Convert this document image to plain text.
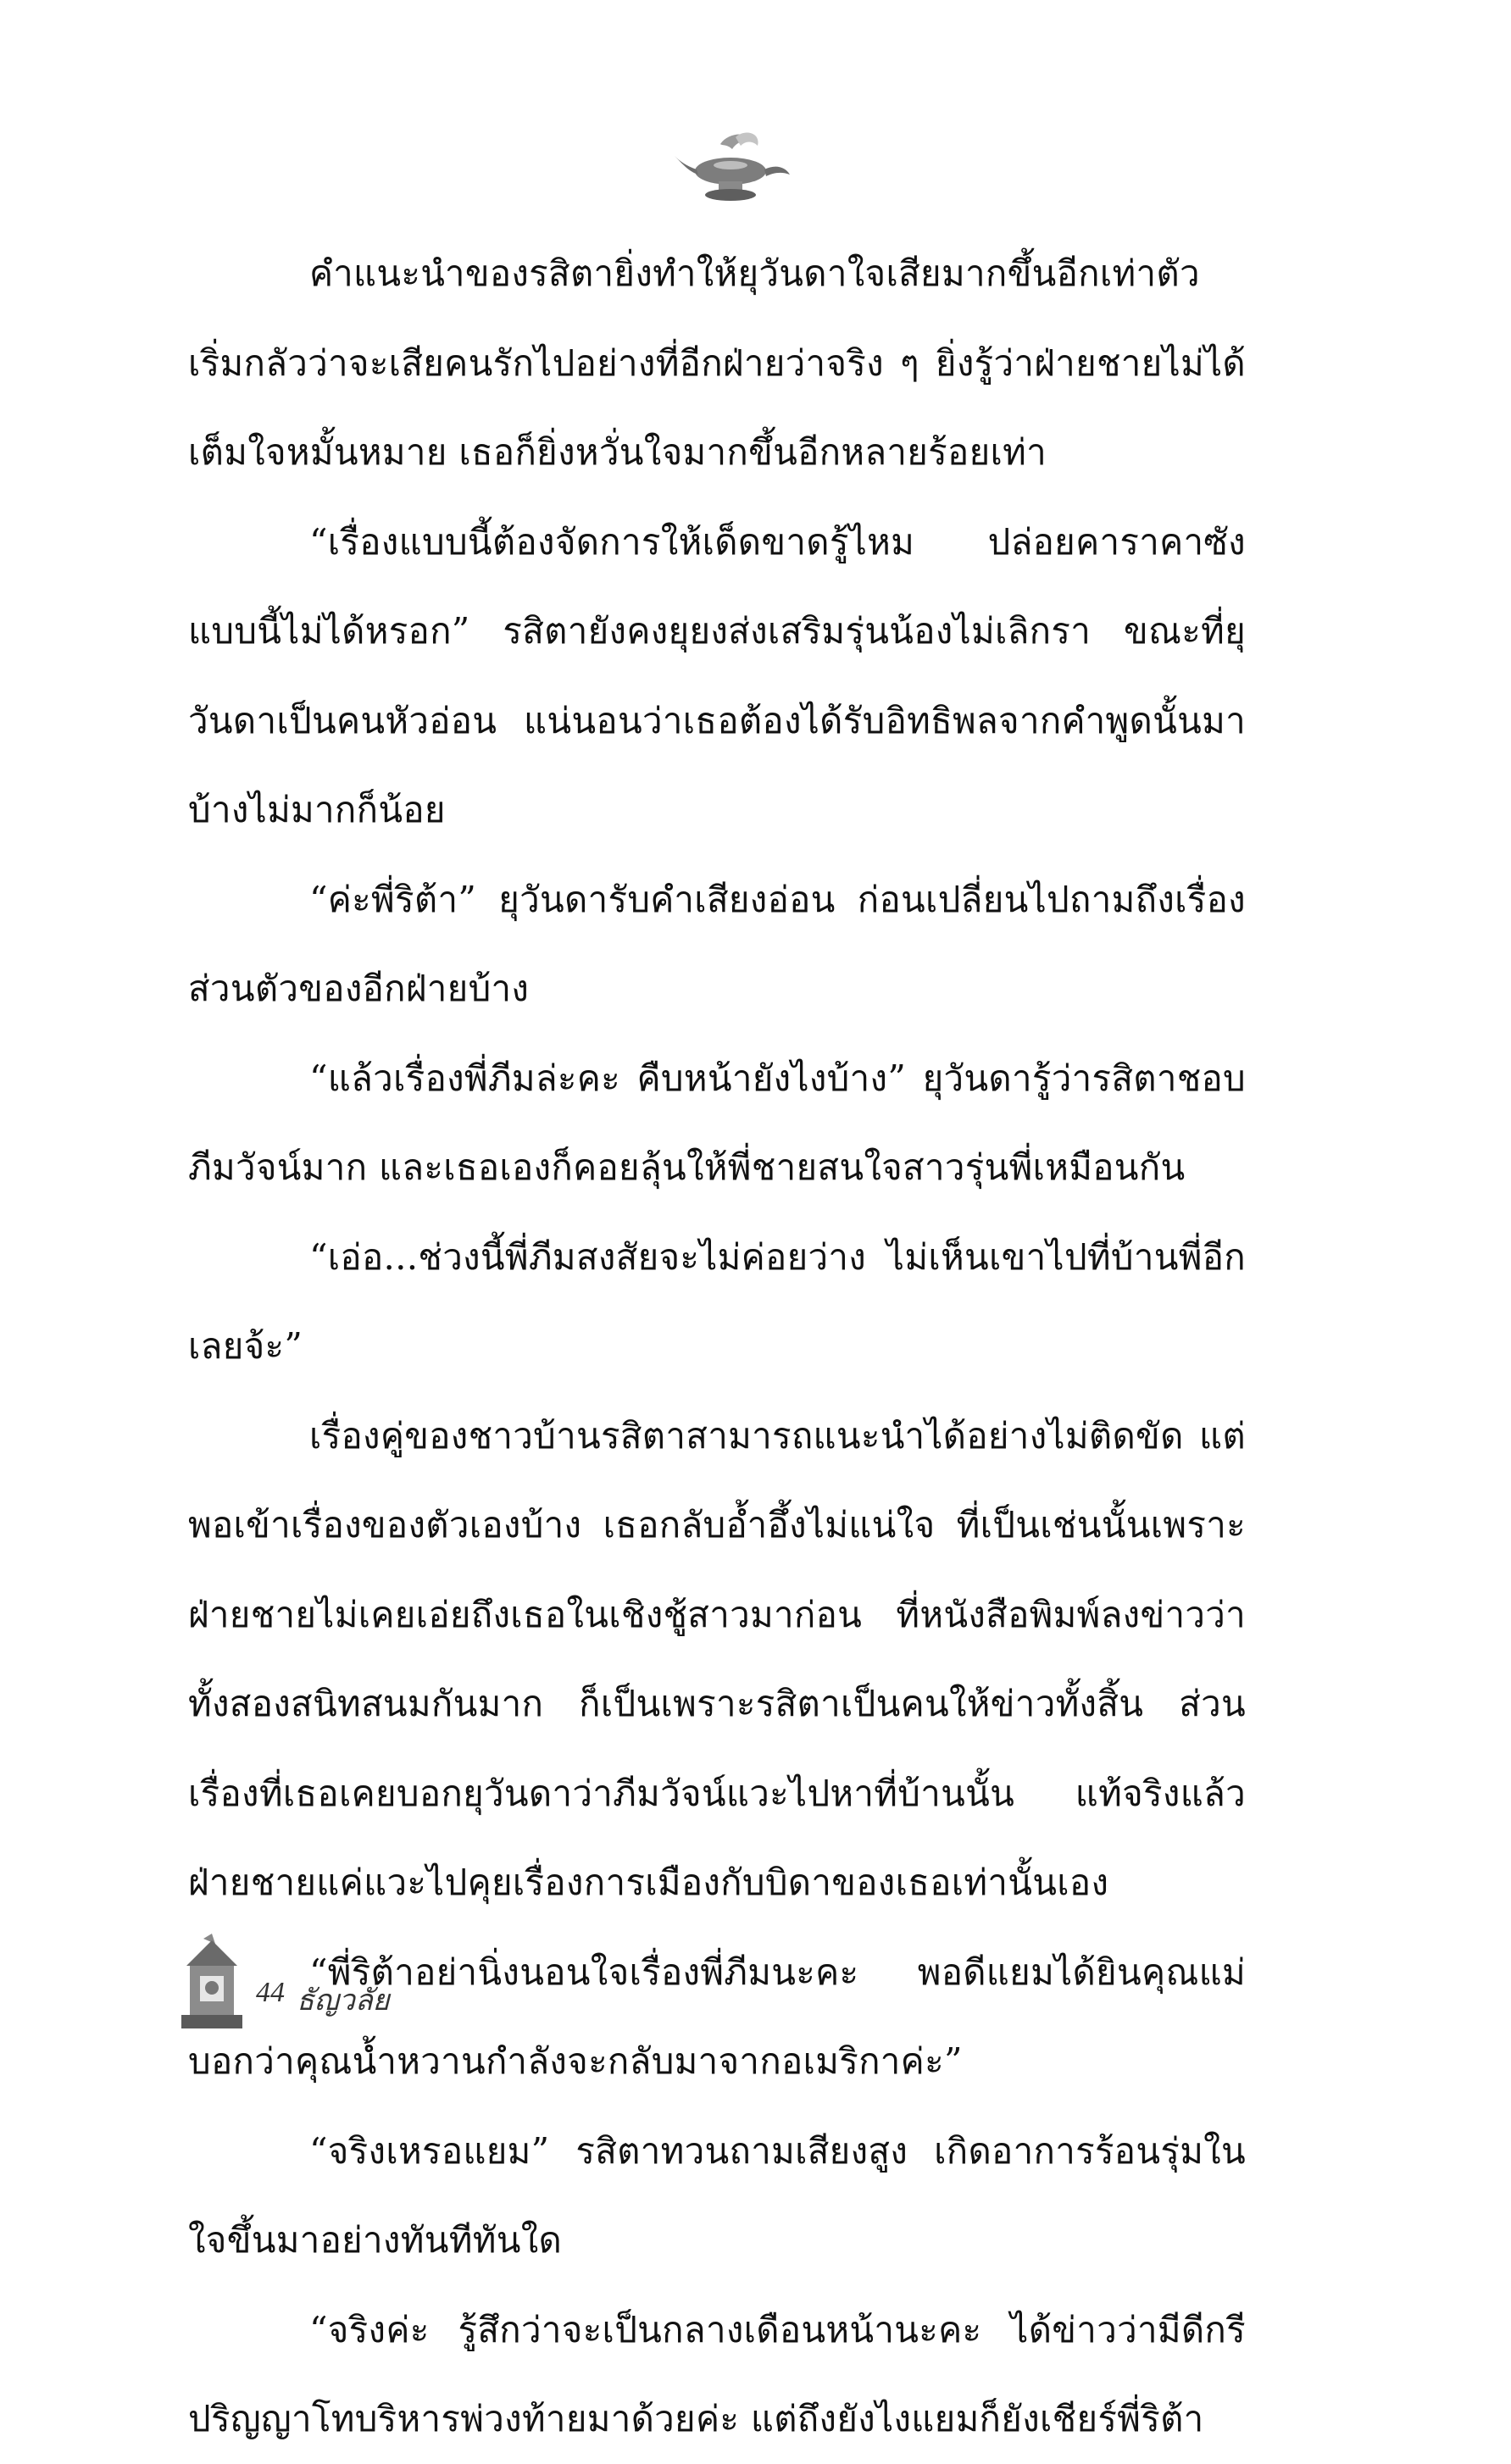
คำแนะนำของรสิตายิ่งทำให้ยุวันดาใจเสียมากขึ้นอีกเท่าตัว เริ่มกลัวว่าจะเสียคนรักไปอย่างที่อีกฝ่ายว่าจริง ๆ ยิ่งรู้ว่าฝ่ายชายไม่ได้เต็มใจหมั้นหมาย เธอก็ยิ่งหวั่นใจมากขึ้นอีกหลายร้อยเท่า

“เรื่องแบบนี้ต้องจัดการให้เด็ดขาดรู้ไหม ปล่อยคาราคาซังแบบนี้ไม่ได้หรอก” รสิตายังคงยุยงส่งเสริมรุ่นน้องไม่เลิกรา ขณะที่ยุวันดาเป็นคนหัวอ่อน แน่นอนว่าเธอต้องได้รับอิทธิพลจากคำพูดนั้นมาบ้างไม่มากก็น้อย

“ค่ะพี่ริต้า” ยุวันดารับคำเสียงอ่อน ก่อนเปลี่ยนไปถามถึงเรื่องส่วนตัวของอีกฝ่ายบ้าง

“แล้วเรื่องพี่ภีมล่ะคะ คืบหน้ายังไงบ้าง” ยุวันดารู้ว่ารสิตาชอบภีมวัจน์มาก และเธอเองก็คอยลุ้นให้พี่ชายสนใจสาวรุ่นพี่เหมือนกัน

“เอ่อ...ช่วงนี้พี่ภีมสงสัยจะไม่ค่อยว่าง ไม่เห็นเขาไปที่บ้านพี่อีกเลยจ้ะ”

เรื่องคู่ของชาวบ้านรสิตาสามารถแนะนำได้อย่างไม่ติดขัด แต่พอเข้าเรื่องของตัวเองบ้าง เธอกลับอ้ำอึ้งไม่แน่ใจ ที่เป็นเช่นนั้นเพราะฝ่ายชายไม่เคยเอ่ยถึงเธอในเชิงชู้สาวมาก่อน ที่หนังสือพิมพ์ลงข่าวว่าทั้งสองสนิทสนมกันมาก ก็เป็นเพราะรสิตาเป็นคนให้ข่าวทั้งสิ้น ส่วนเรื่องที่เธอเคยบอกยุวันดาว่าภีมวัจน์แวะไปหาที่บ้านนั้น แท้จริงแล้วฝ่ายชายแค่แวะไปคุยเรื่องการเมืองกับบิดาของเธอเท่านั้นเอง

“พี่ริต้าอย่านิ่งนอนใจเรื่องพี่ภีมนะคะ พอดีแยมได้ยินคุณแม่บอกว่าคุณน้ำหวานกำลังจะกลับมาจากอเมริกาค่ะ”

“จริงเหรอแยม” รสิตาทวนถามเสียงสูง เกิดอาการร้อนรุ่มในใจขึ้นมาอย่างทันทีทันใด

“จริงค่ะ รู้สึกว่าจะเป็นกลางเดือนหน้านะคะ ได้ข่าวว่ามีดีกรีปริญญาโทบริหารพ่วงท้ายมาด้วยค่ะ แต่ถึงยังไงแยมก็ยังเชียร์พี่ริต้า

44 ธัญวลัย
